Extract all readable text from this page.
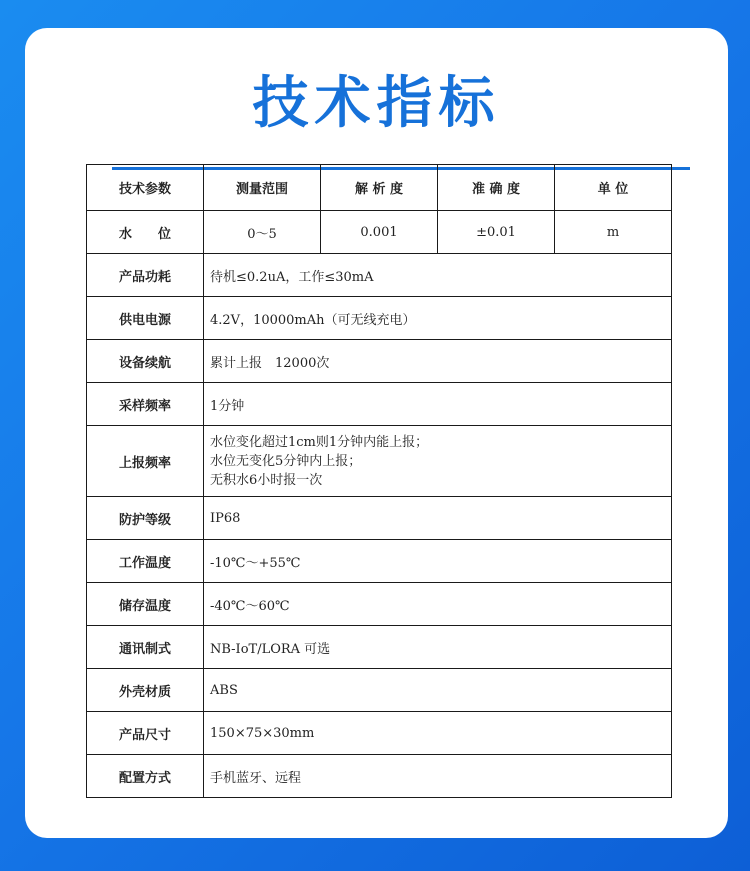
技术指标
技术参数	测量范围	解 析 度	准 确 度	单 位
水　　位	0～5	0.001	±0.01	m
产品功耗	待机≤0.2uA，工作≤30mA			
供电电源	4.2V，10000mAh（可无线充电）			
设备续航	累计上报　12000次			
采样频率	1分钟			
上报频率	水位变化超过1cm则1分钟内能上报；
水位无变化5分钟内上报；
无积水6小时报一次			

防护等级	IP68			
工作温度	-10℃～+55℃			
储存温度	-40℃～60℃			
通讯制式	NB-IoT/LORA 可选			
外壳材质	ABS			
产品尺寸	150×75×30mm			
配置方式	手机蓝牙、远程			
